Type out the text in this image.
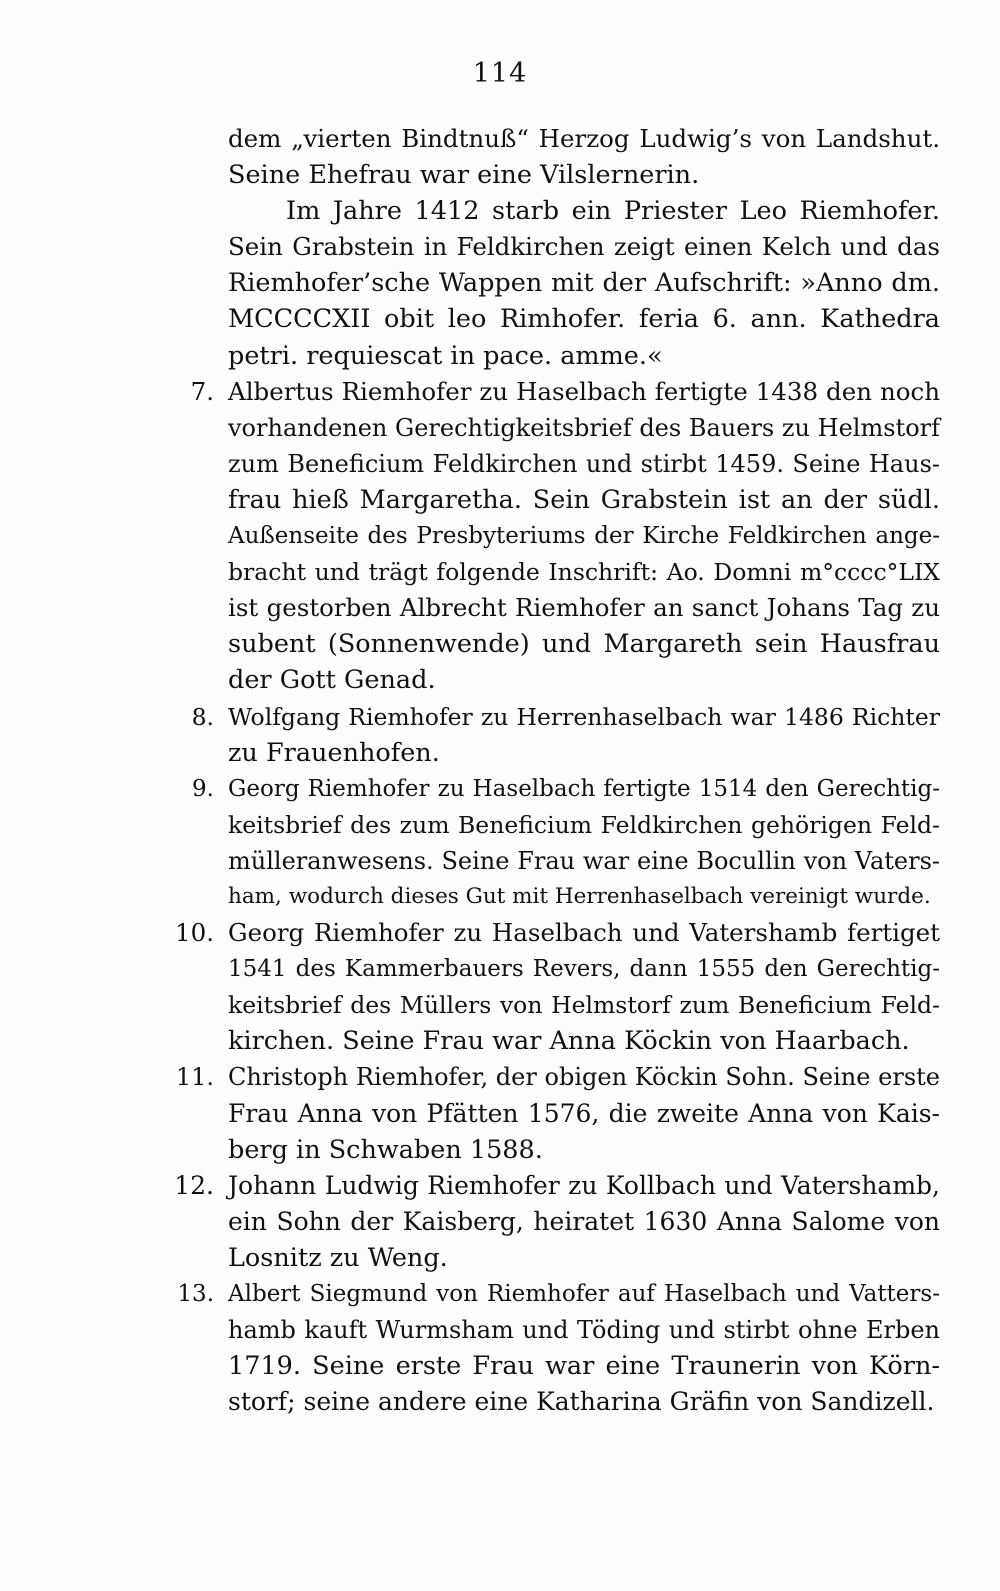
114
dem „vierten Bindtnuß“ Herzog Ludwig’s von Landshut.
Seine Ehefrau war eine Vilslernerin.
Im Jahre 1412 starb ein Priester Leo Riemhofer.
Sein Grabstein in Feldkirchen zeigt einen Kelch und das
Riemhofer’sche Wappen mit der Aufschrift: »Anno dm.
MCCCCXII obit leo Rimhofer. feria 6. ann. Kathedra
petri. requiescat in pace. amme.«
7. Albertus Riemhofer zu Haselbach fertigte 1438 den noch
vorhandenen Gerechtigkeitsbrief des Bauers zu Helmstorf
zum Beneficium Feldkirchen und stirbt 1459. Seine Haus-
frau hieß Margaretha. Sein Grabstein ist an der südl.
Außenseite des Presbyteriums der Kirche Feldkirchen ange-
bracht und trägt folgende Inschrift: Ao. Domni m°cccc°LIX
ist gestorben Albrecht Riemhofer an sanct Johans Tag zu
subent (Sonnenwende) und Margareth sein Hausfrau
der Gott Genad.
8. Wolfgang Riemhofer zu Herrenhaselbach war 1486 Richter
zu Frauenhofen.
9. Georg Riemhofer zu Haselbach fertigte 1514 den Gerechtig-
keitsbrief des zum Beneficium Feldkirchen gehörigen Feld-
mülleranwesens. Seine Frau war eine Bocullin von Vaters-
ham, wodurch dieses Gut mit Herrenhaselbach vereinigt wurde.
10. Georg Riemhofer zu Haselbach und Vatershamb fertiget
1541 des Kammerbauers Revers, dann 1555 den Gerechtig-
keitsbrief des Müllers von Helmstorf zum Beneficium Feld-
kirchen. Seine Frau war Anna Köckin von Haarbach.
11. Christoph Riemhofer, der obigen Köckin Sohn. Seine erste
Frau Anna von Pfätten 1576, die zweite Anna von Kais-
berg in Schwaben 1588.
12. Johann Ludwig Riemhofer zu Kollbach und Vatershamb,
ein Sohn der Kaisberg, heiratet 1630 Anna Salome von
Losnitz zu Weng.
13. Albert Siegmund von Riemhofer auf Haselbach und Vatters-
hamb kauft Wurmsham und Töding und stirbt ohne Erben
1719. Seine erste Frau war eine Traunerin von Körn-
storf; seine andere eine Katharina Gräfin von Sandizell.
